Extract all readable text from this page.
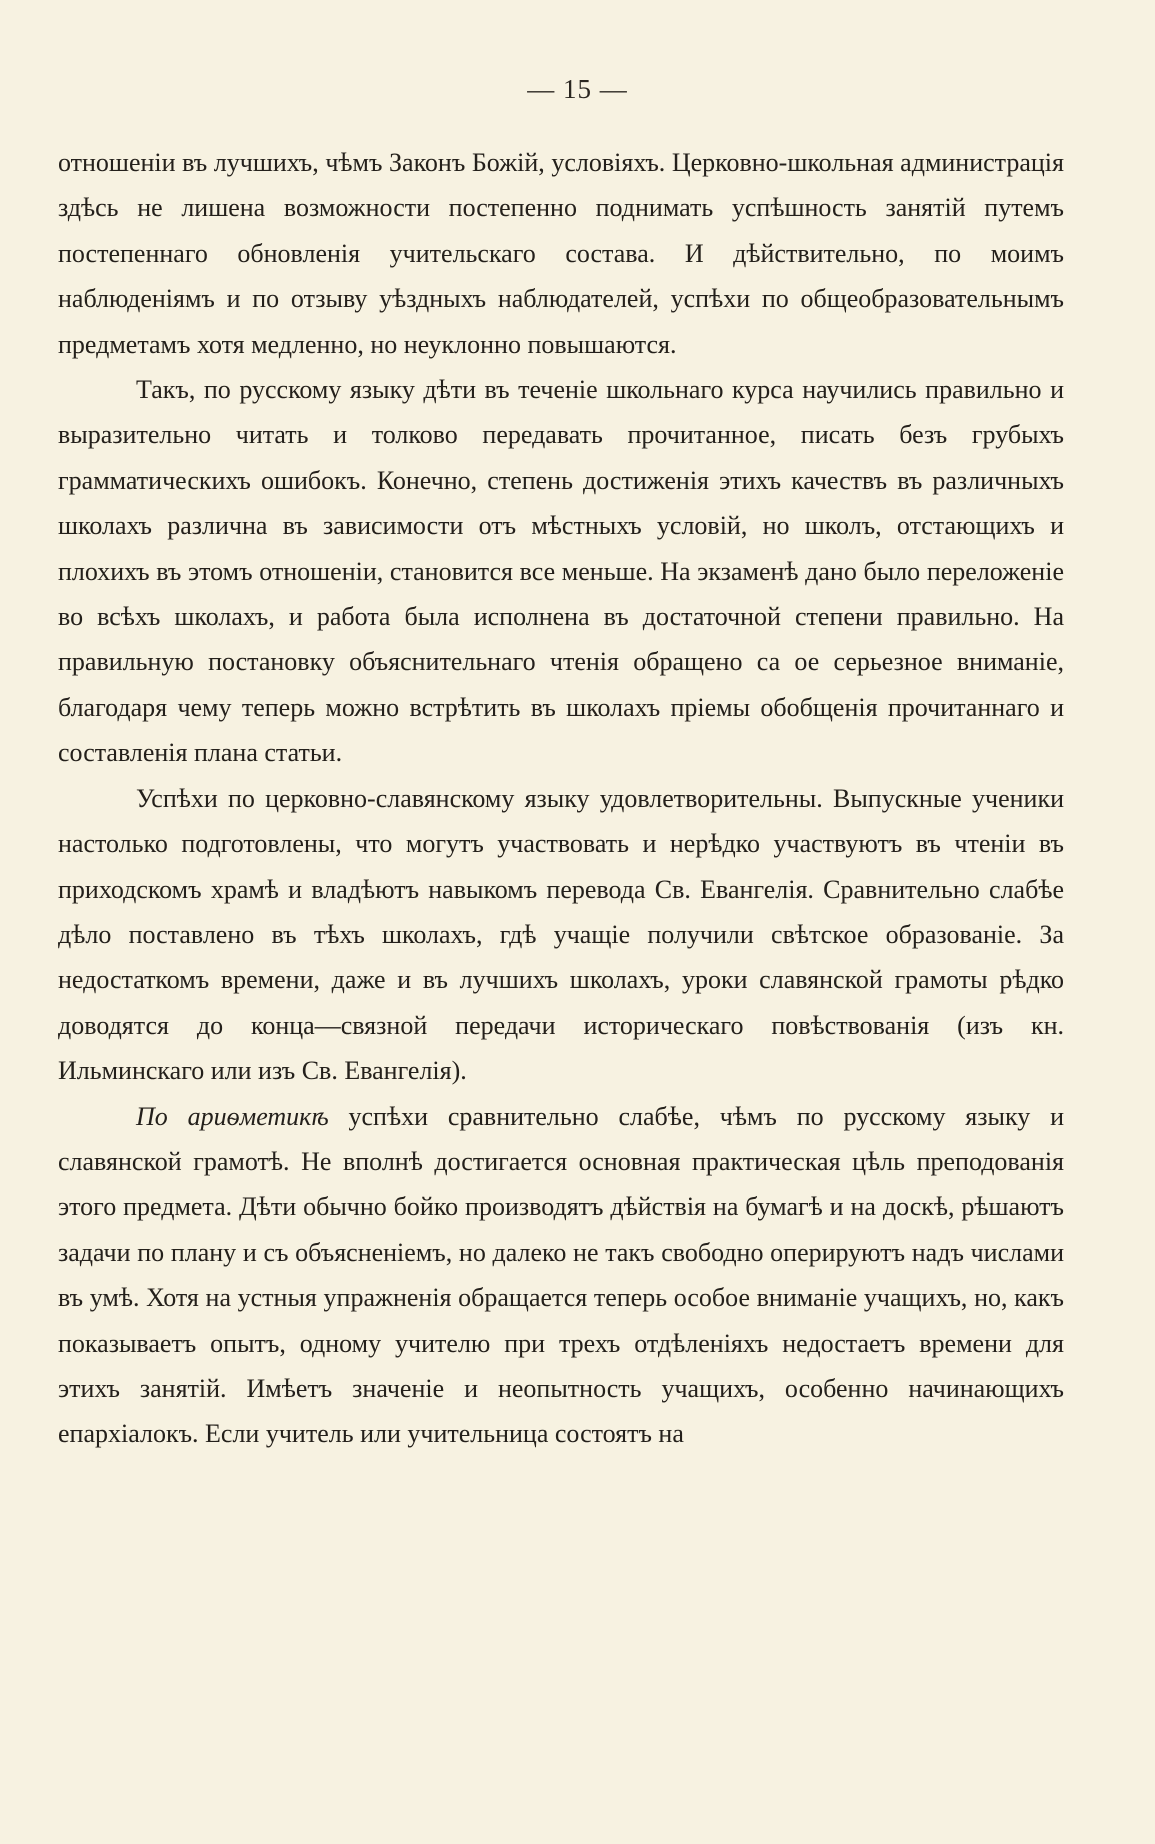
— 15 —

отношеніи въ лучшихъ, чѣмъ Законъ Божій, условіяхъ. Церковно-школьная администрація здѣсь не лишена возможности постепенно поднимать успѣшность занятій путемъ постепеннаго обновленія учительскаго состава. И дѣйствительно, по моимъ наблюденіямъ и по отзыву уѣздныхъ наблюдателей, успѣхи по общеобразовательнымъ предметамъ хотя медленно, но неуклонно повышаются.

Такъ, по русскому языку дѣти въ теченіе школьнаго курса научились правильно и выразительно читать и толково передавать прочитанное, писать безъ грубыхъ грамматическихъ ошибокъ. Конечно, степень достиженія этихъ качествъ въ различныхъ школахъ различна въ зависимости отъ мѣстныхъ условій, но школъ, отстающихъ и плохихъ въ этомъ отношеніи, становится все меньше. На экзаменѣ дано было переложеніе во всѣхъ школахъ, и работа была исполнена въ достаточной степени правильно. На правильную постановку объяснительнаго чтенія обращено са ое серьезное вниманіе, благодаря чему теперь можно встрѣтить въ школахъ пріемы обобщенія прочитаннаго и составленія плана статьи.

Успѣхи по церковно-славянскому языку удовлетворительны. Выпускные ученики настолько подготовлены, что могутъ участвовать и нерѣдко участвуютъ въ чтеніи въ приходскомъ храмѣ и владѣютъ навыкомъ перевода Св. Евангелія. Сравнительно слабѣе дѣло поставлено въ тѣхъ школахъ, гдѣ учащіе получили свѣтское образованіе. За недостаткомъ времени, даже и въ лучшихъ школахъ, уроки славянской грамоты рѣдко доводятся до конца—связной передачи историческаго повѣствованія (изъ кн. Ильминскаго или изъ Св. Евангелія).

По ариѳметикѣ успѣхи сравнительно слабѣе, чѣмъ по русскому языку и славянской грамотѣ. Не вполнѣ достигается основная практическая цѣль преподованія этого предмета. Дѣти обычно бойко производятъ дѣйствія на бумагѣ и на доскѣ, рѣшаютъ задачи по плану и съ объясненіемъ, но далеко не такъ свободно оперируютъ надъ числами въ умѣ. Хотя на устныя упражненія обращается теперь особое вниманіе учащихъ, но, какъ показываетъ опытъ, одному учителю при трехъ отдѣленіяхъ недостаетъ времени для этихъ занятій. Имѣетъ значеніе и неопытность учащихъ, особенно начинающихъ епархіалокъ. Если учитель или учительница состоятъ на
